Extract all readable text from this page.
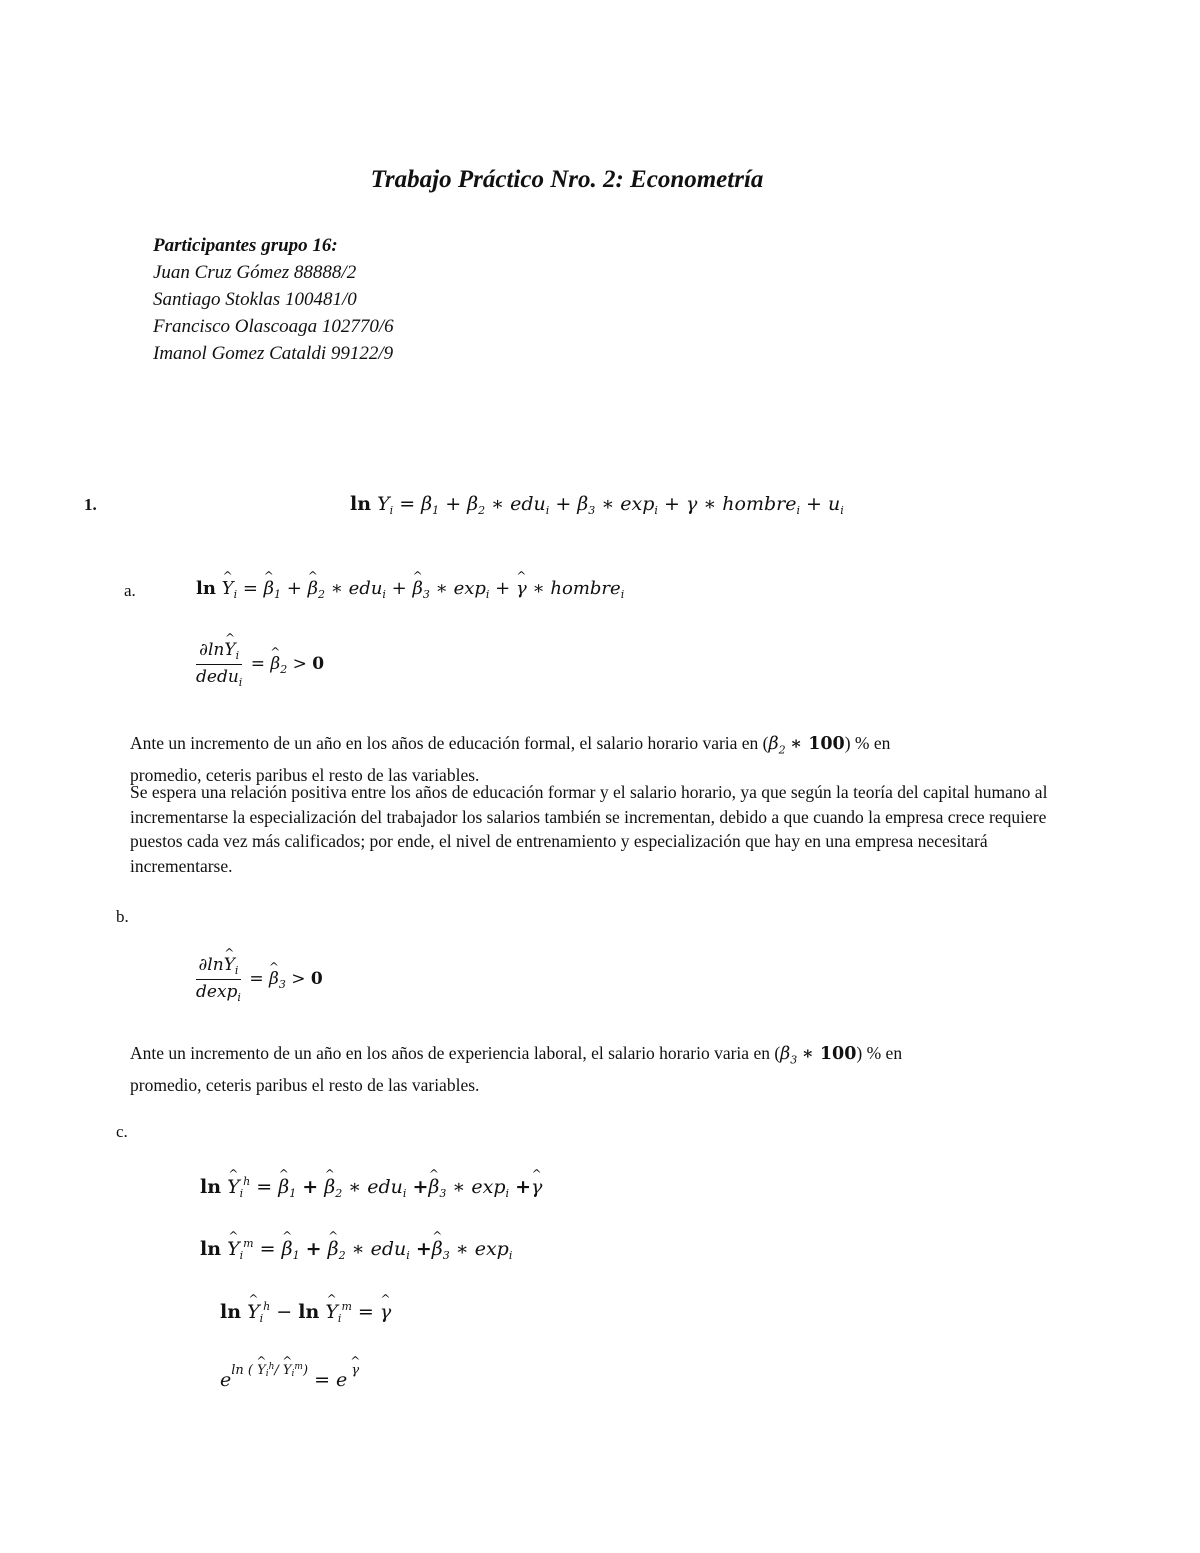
Trabajo Práctico Nro. 2: Econometría
Participantes grupo 16:
Juan Cruz Gómez 88888/2
Santiago Stoklas 100481/0
Francisco Olascoaga 102770/6
Imanol Gomez Cataldi 99122/9
1.	$\ln Y_i = \beta_1 + \beta_2$ ∗ $edu_i + \beta_3$ ∗ $\exp_i + \gamma$ ∗ hombre$_i$ + $u_i$
a.	ln Y $\^{}_i = \beta$ $\^{}_1 + \beta$ $\^{}_2$ ∗ edu$_i$ + β $\^{}_3$ ∗ $\exp_i + \gamma$ ^ ∗ hombre$_i$
$\frac{\partial\ln Y \^{}_i}{dedu_i} = \beta$ $\^{}_2 > 0$
Ante un incremento de un año en los años de educación formal, el salario horario varia en ($\beta_2$ ∗ 100) % en
promedio, ceteris paribus el resto de las variables.
Se espera una relación positiva entre los años de educación formar y el salario horario, ya que según la teoría del capital humano al incrementarse la especialización del trabajador los salarios también se incrementan, debido a que cuando la empresa crece requiere puestos cada vez más calificados; por ende, el nivel de entrenamiento y especialización que hay en una empresa necesitará incrementarse.
b.
$\frac{\partial\ln Y \^{}_i}{dexp_i} = \beta$ $\^{}_3 > 0$
Ante un incremento de un año en los años de experiencia laboral, el salario horario varia en ($\beta_3$ ∗ 100) % en
promedio, ceteris paribus el resto de las variables.
c.
ln Y $\^{}_i^h = \beta$ $\^{}_1 + \beta$ $\^{}_2$ ∗ edu$_i$ +β $\^{}_3$ ∗ $\exp_i +\gamma$ ^
ln Y $\^{}_i^m = \beta$ $\^{}_1 + \beta$ $\^{}_2$ ∗ edu$_i$ +β $\^{}_3$ ∗ $\exp_i$
ln Y $\^{}_i^h - \ln Y$ $\^{}_i^m = \gamma$ ^
$e^{ln ( Y \^{}_i^h/ Y \^{}_i^m)} = e$ $^\gamma$ ^
